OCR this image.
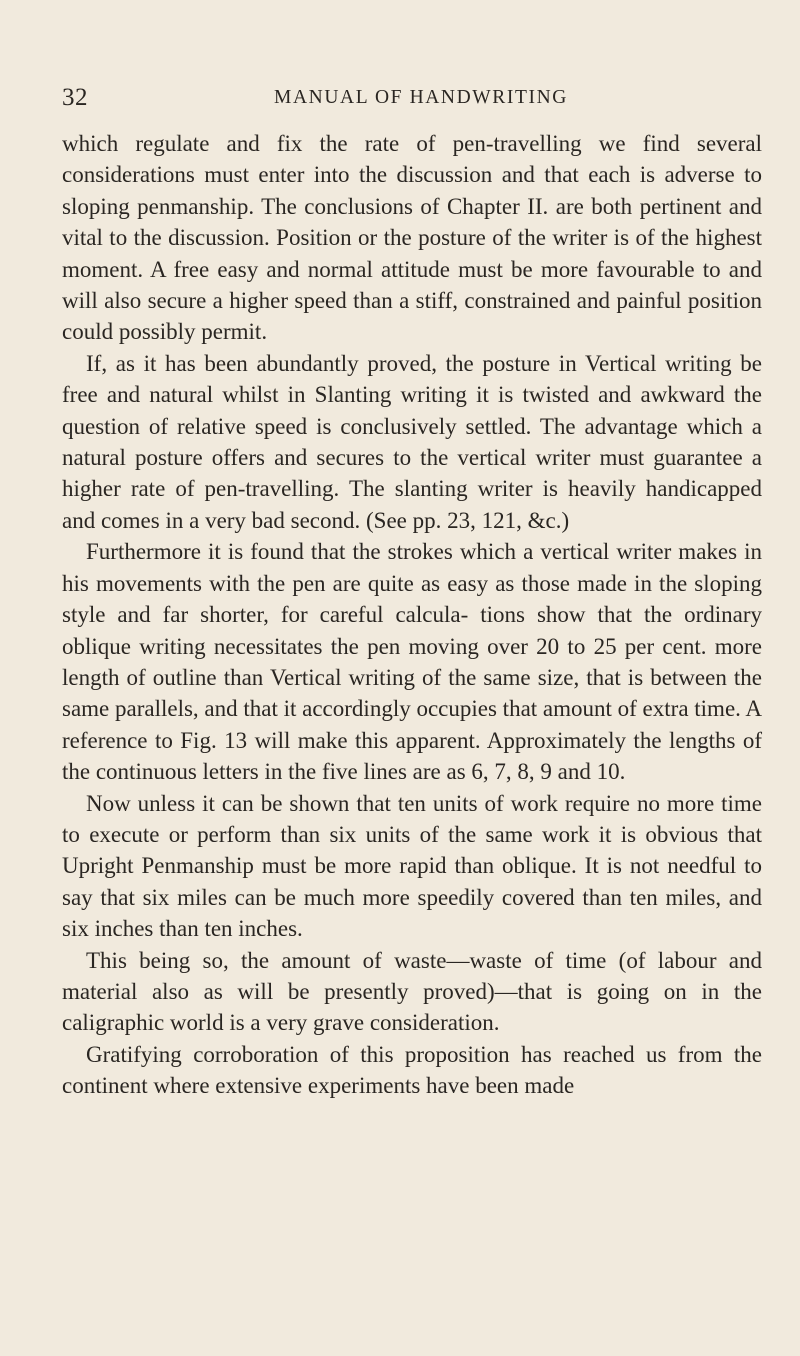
32	MANUAL OF HANDWRITING

which regulate and fix the rate of pen-travelling we find several considerations must enter into the discussion and that each is adverse to sloping penmanship. The conclusions of Chapter II. are both pertinent and vital to the discussion. Position or the posture of the writer is of the highest moment. A free easy and normal attitude must be more favourable to and will also secure a higher speed than a stiff, constrained and painful position could possibly permit.

If, as it has been abundantly proved, the posture in Vertical writing be free and natural whilst in Slanting writing it is twisted and awkward the question of relative speed is conclusively settled. The advantage which a natural posture offers and secures to the vertical writer must guarantee a higher rate of pen-travelling. The slanting writer is heavily handicapped and comes in a very bad second. (See pp. 23, 121, &c.)

Furthermore it is found that the strokes which a vertical writer makes in his movements with the pen are quite as easy as those made in the sloping style and far shorter, for careful calcula- tions show that the ordinary oblique writing necessitates the pen moving over 20 to 25 per cent. more length of outline than Vertical writing of the same size, that is between the same parallels, and that it accordingly occupies that amount of extra time. A reference to Fig. 13 will make this apparent. Approximately the lengths of the continuous letters in the five lines are as 6, 7, 8, 9 and 10.

Now unless it can be shown that ten units of work require no more time to execute or perform than six units of the same work it is obvious that Upright Penmanship must be more rapid than oblique. It is not needful to say that six miles can be much more speedily covered than ten miles, and six inches than ten inches.

This being so, the amount of waste—waste of time (of labour and material also as will be presently proved)—that is going on in the caligraphic world is a very grave consideration.

Gratifying corroboration of this proposition has reached us from the continent where extensive experiments have been made
